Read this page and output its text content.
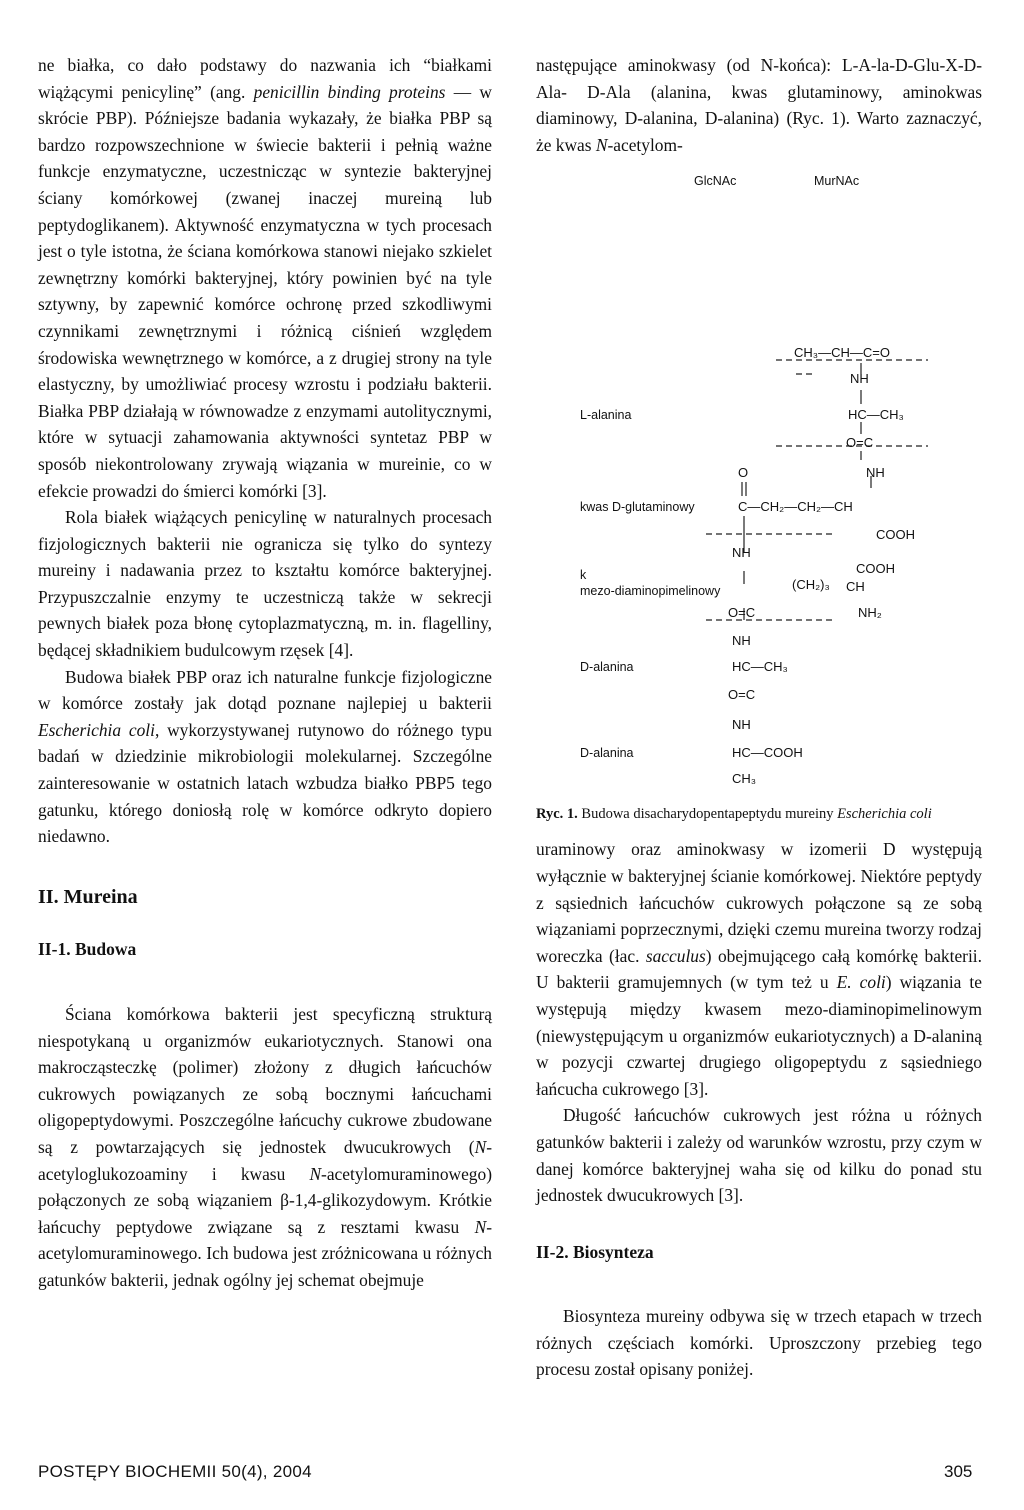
ne białka, co dało podstawy do nazwania ich “białkami wiążącymi penicylinę” (ang. penicillin binding proteins — w skrócie PBP). Późniejsze badania wykazały, że białka PBP są bardzo rozpowszechnione w świecie bakterii i pełnią ważne funkcje enzymatyczne, uczestnicząc w syntezie bakteryjnej ściany komórkowej (zwanej inaczej mureiną lub peptydoglikanem). Aktywność enzymatyczna w tych procesach jest o tyle istotna, że ściana komórkowa stanowi niejako szkielet zewnętrzny komórki bakteryjnej, który powinien być na tyle sztywny, by zapewnić komórce ochronę przed szkodliwymi czynnikami zewnętrznymi i różnicą ciśnień względem środowiska wewnętrznego w komórce, a z drugiej strony na tyle elastyczny, by umożliwiać procesy wzrostu i podziału bakterii. Białka PBP działają w równowadze z enzymami autolitycznymi, które w sytuacji zahamowania aktywności syntetaz PBP w sposób niekontrolowany zrywają wiązania w mureinie, co w efekcie prowadzi do śmierci komórki [3].

Rola białek wiążących penicylinę w naturalnych procesach fizjologicznych bakterii nie ogranicza się tylko do syntezy mureiny i nadawania przez to kształtu komórce bakteryjnej. Przypuszczalnie enzymy te uczestniczą także w sekrecji pewnych białek poza błonę cytoplazmatyczną, m. in. flagelliny, będącej składnikiem budulcowym rzęsek [4].

Budowa białek PBP oraz ich naturalne funkcje fizjologiczne w komórce zostały jak dotąd poznane najlepiej u bakterii Escherichia coli, wykorzystywanej rutynowo do różnego typu badań w dziedzinie mikrobiologii molekularnej. Szczególne zainteresowanie w ostatnich latach wzbudza białko PBP5 tego gatunku, którego doniosłą rolę w komórce odkryto dopiero niedawno.

II. Mureina
II-1. Budowa

Ściana komórkowa bakterii jest specyficzną strukturą niespotykaną u organizmów eukariotycznych. Stanowi ona makrocząsteczkę (polimer) złożony z długich łańcuchów cukrowych powiązanych ze sobą bocznymi łańcuchami oligopeptydowymi. Poszczególne łańcuchy cukrowe zbudowane są z powtarzających się jednostek dwucukrowych (N-acetyloglukozoaminy i kwasu N-acetylomuraminowego) połączonych ze sobą wiązaniem β-1,4-glikozydowym. Krótkie łańcuchy peptydowe związane są z resztami kwasu N-acetylomuraminowego. Ich budowa jest zróżnicowana u różnych gatunków bakterii, jednak ogólny jej schemat obejmuje

następujące aminokwasy (od N-końca): L-A-la-D-Glu-X-D-Ala- D-Ala (alanina, kwas glutaminowy, aminokwas diaminowy, D-alanina, D-alanina) (Ryc. 1). Warto zaznaczyć, że kwas N-acetylom-

GlcNAc	MurNAc
CH₃—CH—C=O
NH
L-alanina	HC—CH₃
O=C
O	NH
kwas D-glutaminowy	C—CH₂—CH₂—CH
COOH
NH
COOH
k
mezo-diaminopimelinowy	(CH₂)₃ CH
NH₂
O=C
NH
D-alanina	HC—CH₃
O=C
NH
D-alanina	HC—COOH
CH₃
Ryc. 1. Budowa disacharydopentapeptydu mureiny Escherichia coli

uraminowy oraz aminokwasy w izomerii D występują wyłącznie w bakteryjnej ścianie komórkowej. Niektóre peptydy z sąsiednich łańcuchów cukrowych połączone są ze sobą wiązaniami poprzecznymi, dzięki czemu mureina tworzy rodzaj woreczka (łac. sacculus) obejmującego całą komórkę bakterii. U bakterii gramujemnych (w tym też u E. coli) wiązania te występują między kwasem mezo-diaminopimelinowym (niewystępującym u organizmów eukariotycznych) a D-alaniną w pozycji czwartej drugiego oligopeptydu z sąsiedniego łańcucha cukrowego [3].

Długość łańcuchów cukrowych jest różna u różnych gatunków bakterii i zależy od warunków wzrostu, przy czym w danej komórce bakteryjnej waha się od kilku do ponad stu jednostek dwucukrowych [3].

II-2. Biosynteza

Biosynteza mureiny odbywa się w trzech etapach w trzech różnych częściach komórki. Uproszczony przebieg tego procesu został opisany poniżej.

POSTĘPY BIOCHEMII 50(4), 2004	305
